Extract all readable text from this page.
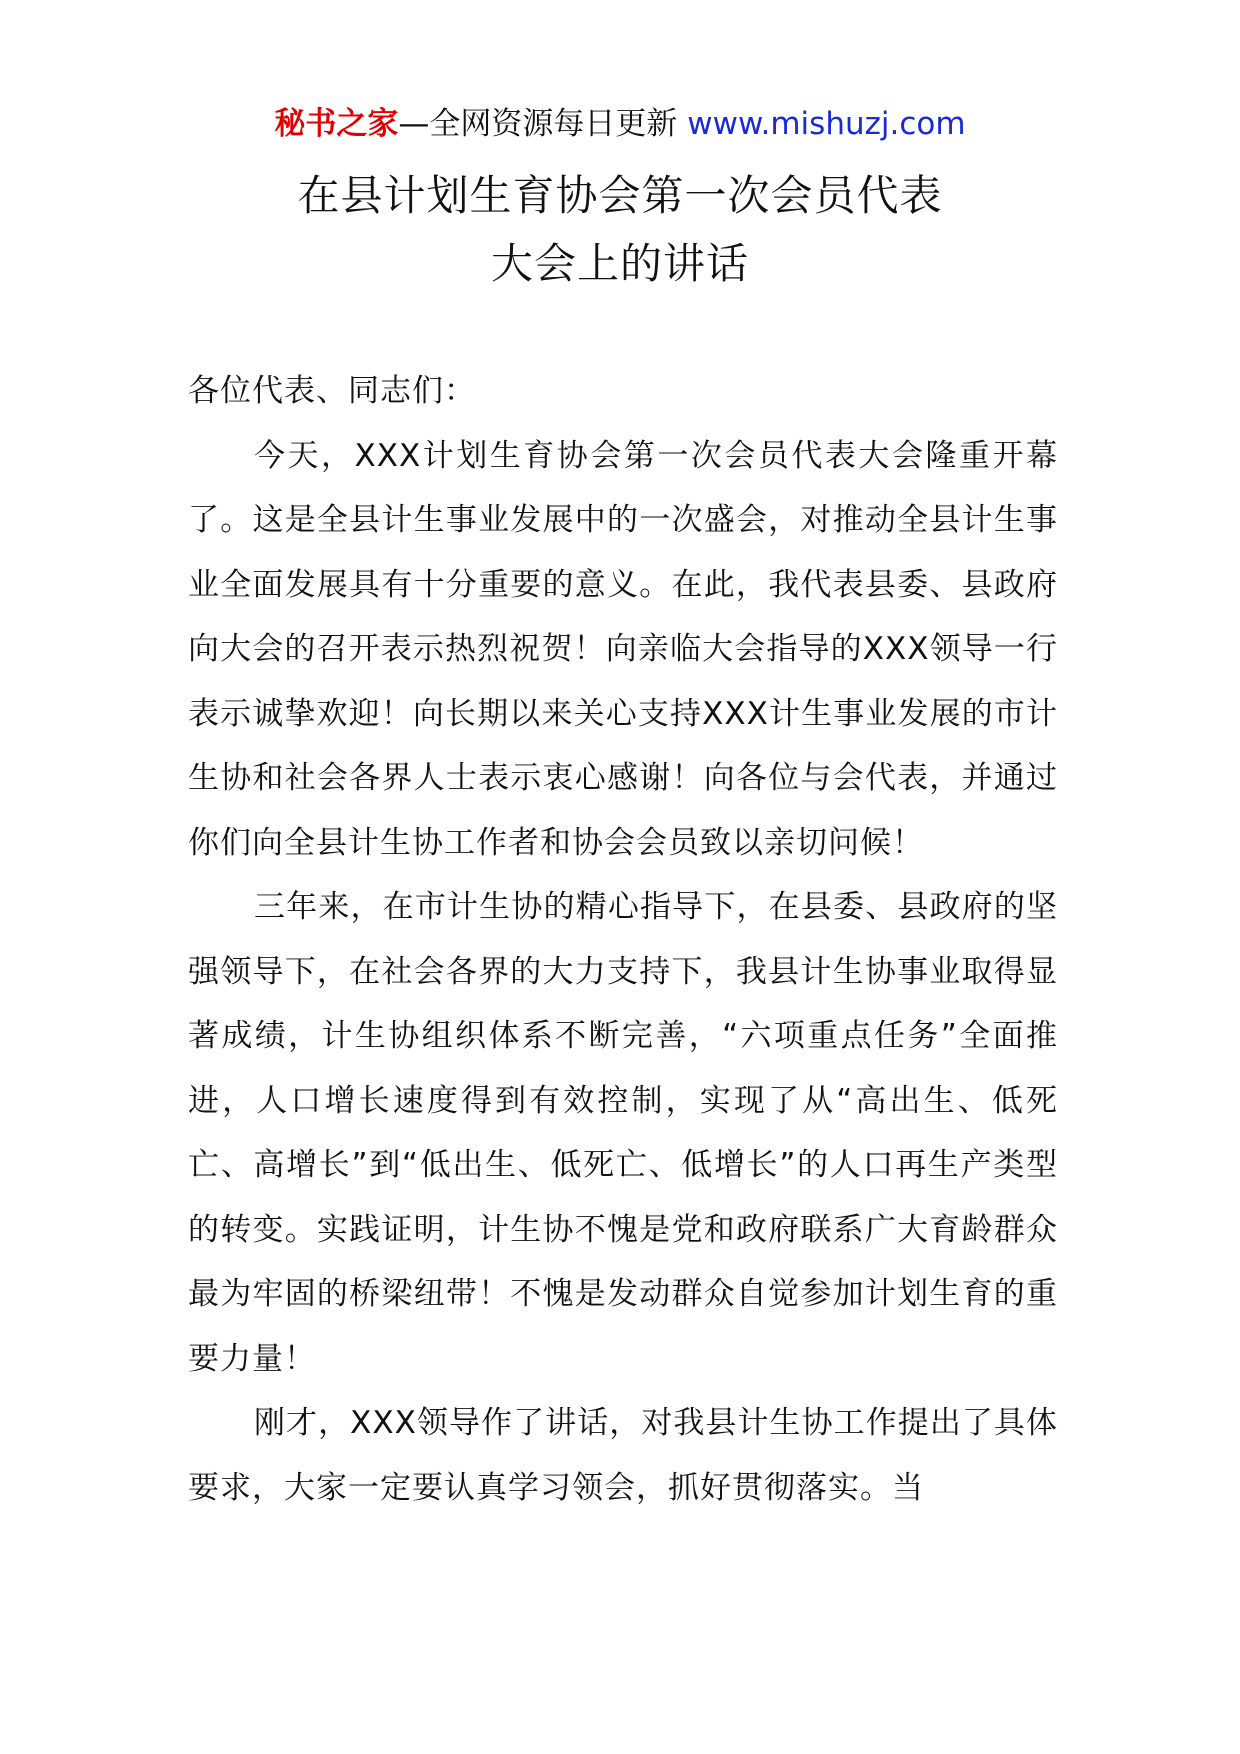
秘书之家—全网资源每日更新 www.mishuzj.com
在县计划生育协会第一次会员代表
大会上的讲话

各位代表、同志们：

今天，XXX计划生育协会第一次会员代表大会隆重开幕了。这是全县计生事业发展中的一次盛会，对推动全县计生事业全面发展具有十分重要的意义。在此，我代表县委、县政府向大会的召开表示热烈祝贺！向亲临大会指导的XXX领导一行表示诚挚欢迎！向长期以来关心支持XXX计生事业发展的市计生协和社会各界人士表示衷心感谢！向各位与会代表，并通过你们向全县计生协工作者和协会会员致以亲切问候！

三年来，在市计生协的精心指导下，在县委、县政府的坚强领导下，在社会各界的大力支持下，我县计生协事业取得显著成绩，计生协组织体系不断完善，“六项重点任务”全面推进，人口增长速度得到有效控制，实现了从“高出生、低死亡、高增长”到“低出生、低死亡、低增长”的人口再生产类型的转变。实践证明，计生协不愧是党和政府联系广大育龄群众最为牢固的桥梁纽带！不愧是发动群众自觉参加计划生育的重要力量！

刚才，XXX领导作了讲话，对我县计生协工作提出了具体要求，大家一定要认真学习领会，抓好贯彻落实。当
